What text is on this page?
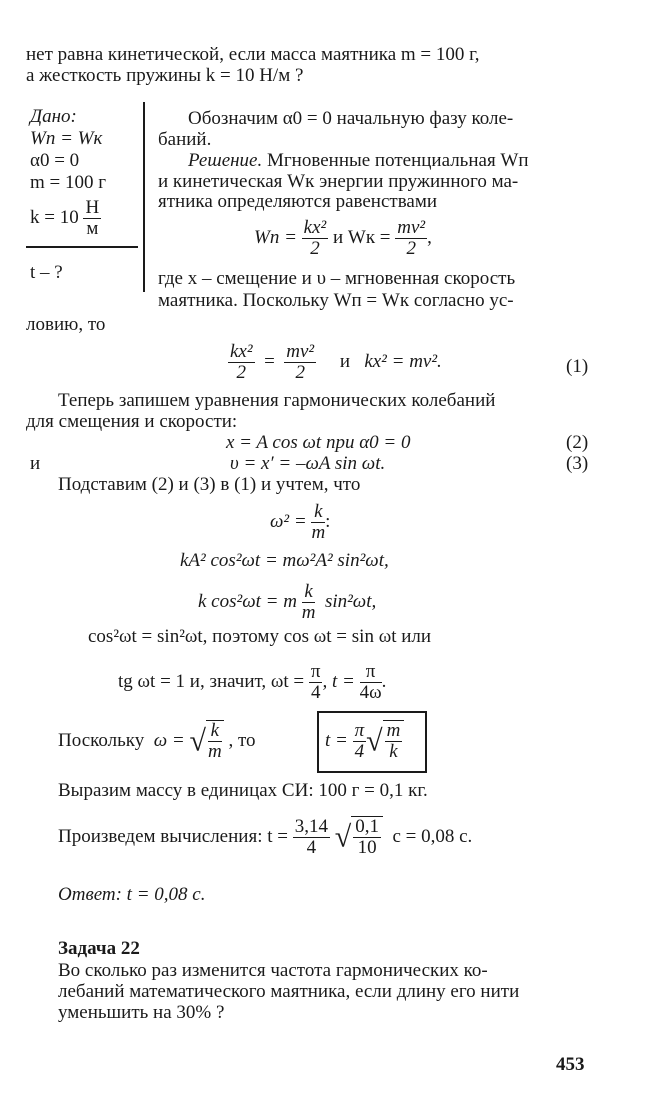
нет равна кинетической, если масса маятника m = 100 г,
а жесткость пружины k = 10 Н/м ?
Дано:
Wп = Wк
α0 = 0
m = 100 г
$k = 10 \frac{Н}{м}$
t – ?
Обозначим α0 = 0 начальную фазу коле-
баний.
Решение. Мгновенные потенциальная Wп
и кинетическая Wк энергии пружинного ма-
ятника определяются равенствами
Wп = $\frac{\text{kx²}}{2}$ и Wк = $\frac{\text{mv²}}{2}$ ,
где x – смещение и υ – мгновенная скорость
маятника. Поскольку Wп = Wк согласно ус-
ловию, то
$\frac{\text{kx²}}{2} = \frac{\text{mv²}}{2}$ и kx² = mv².	(1)
Теперь запишем уравнения гармонических колебаний
для смещения и скорости:
x = A cos ωt при α0 = 0	(2)
и	υ = x′ = –ωA sin ωt.	(3)
Подставим (2) и (3) в (1) и учтем, что
$\omega^2 = \frac{k}{m}$ :
kA² cos²ωt = mω²A² sin²ωt,
k cos²ωt = m $\frac{k}{m} \sin^2\omega t$,
cos²ωt = sin²ωt, поэтому cos ωt = sin ωt или
tg ωt = 1 и, значит, $\omega t = \frac{\pi}{4}$ , $t = \frac{\pi}{4\omega}$ .
Поскольку ω = √ $\frac{k}{m}$ , то	$t = \frac{\pi}{4}$ √ $\frac{m}{k}$
Выразим массу в единицах СИ: 100 г = 0,1 кг.
Произведем вычисления: $t = \frac{3,14}{4}$ √ $\frac{0,1}{10}$ с = 0,08 с.
Ответ: t = 0,08 с.
Задача 22
Во сколько раз изменится частота гармонических ко-
лебаний математического маятника, если длину его нити
уменьшить на 30% ?
453
